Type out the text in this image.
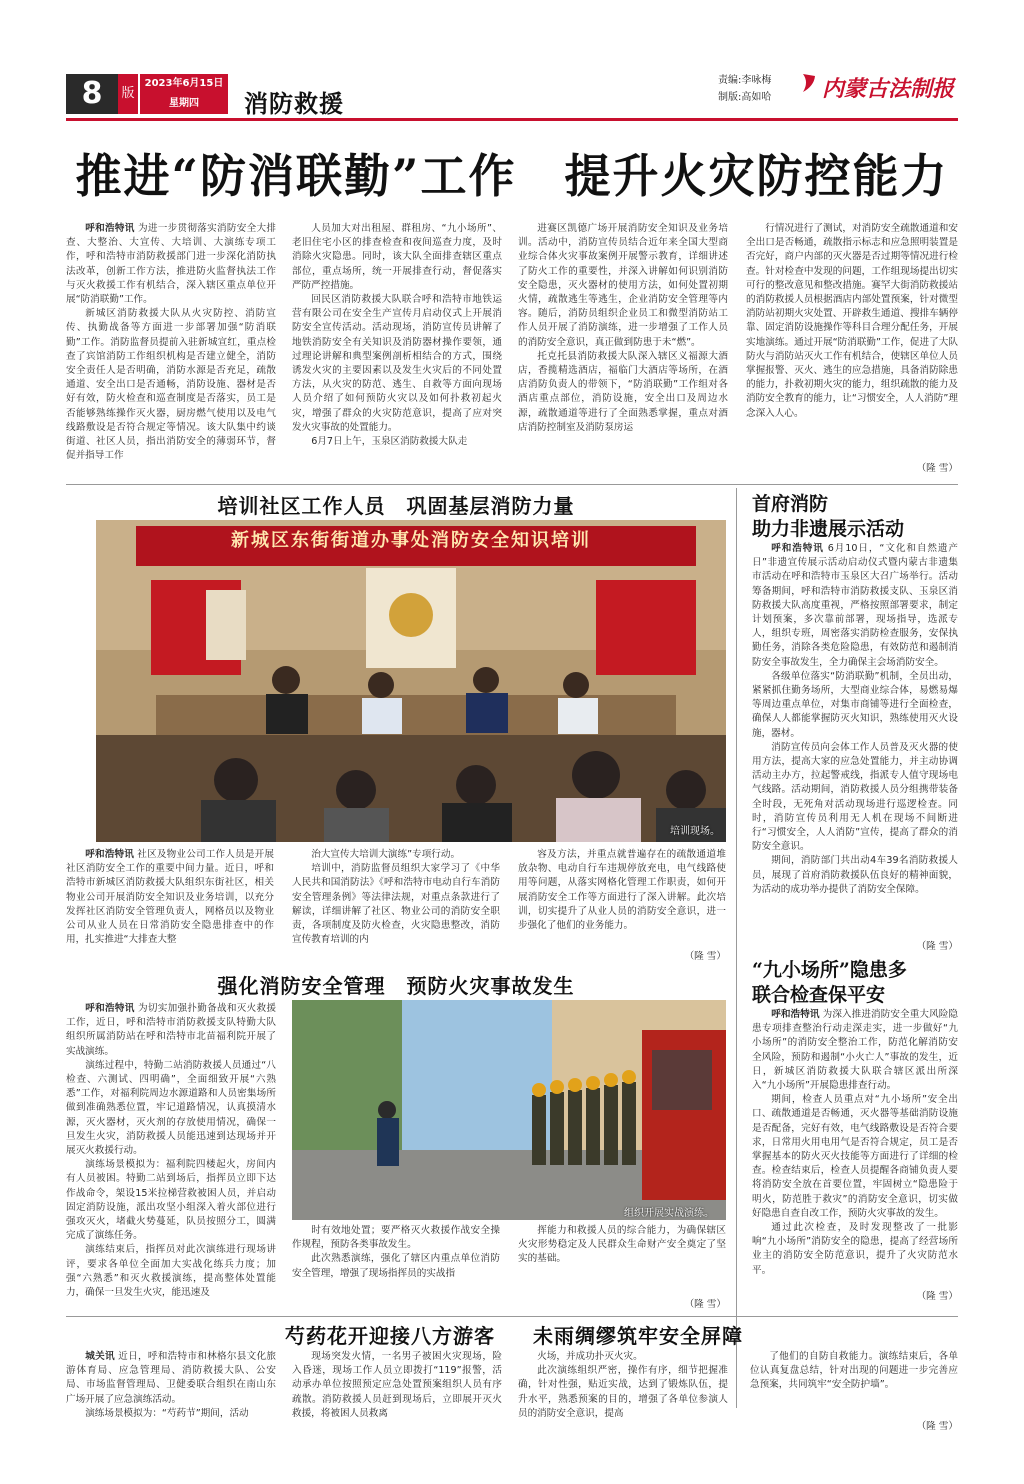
8	版
2023年6月15日
星期四	消防救援
责编:李咏梅
制版:高如哈 内蒙古法制报
推进“防消联勤”工作　提升火灾防控能力

呼和浩特讯 为进一步贯彻落实消防安全大排查、大整治、大宣传、大培训、大演练专项工作，呼和浩特市消防救援部门进一步深化消防执法改革，创新工作方法，推进防火监督执法工作与灭火救援工作有机结合，深入辖区重点单位开展“防消联勤”工作。

新城区消防救援大队从火灾防控、消防宣传、执勤战备等方面进一步部署加强“防消联勤”工作。消防监督员提前入驻新城宣红，重点检查了宾馆消防工作组织机构是否建立健全，消防安全责任人是否明确，消防水源是否充足，疏散通道、安全出口是否通畅，消防设施、器材是否好有效，防火检查和巡查制度是否落实，员工是否能够熟练操作灭火器，厨房燃气使用以及电气线路敷设是否符合规定等情况。该大队集中约谈街道、社区人员，指出消防安全的薄弱环节，督促并指导工作

人员加大对出租屋、群租房、“九小场所”、老旧住宅小区的排查检查和夜间巡查力度，及时消除火灾隐患。同时，该大队全面排查辖区重点部位，重点场所，统一开展排查行动，督促落实严防严控措施。

回民区消防救援大队联合呼和浩特市地铁运营有限公司在安全生产宣传月启动仪式上开展消防安全宣传活动。活动现场，消防宣传员讲解了地铁消防安全有关知识及消防器材操作要领，通过理论讲解和典型案例剖析相结合的方式，围绕诱发火灾的主要因素以及发生火灾后的不同处置方法，从火灾的防范、逃生、自救等方面向现场人员介绍了如何预防火灾以及如何扑救初起火灾，增强了群众的火灾防范意识，提高了应对突发火灾事故的处置能力。

6月7日上午，玉泉区消防救援大队走

进赛区凯德广场开展消防安全知识及业务培训。活动中，消防宣传员结合近年来全国大型商业综合体火灾事故案例开展警示教育，详细讲述了防火工作的重要性，并深入讲解如何识别消防安全隐患，灭火器材的使用方法，如何处置初期火情，疏散逃生等逃生，企业消防安全管理等内容。随后，消防员组织企业员工和微型消防站工作人员开展了消防演练，进一步增强了工作人员的消防安全意识，真正做到防患于未“燃”。

托克托县消防救援大队深入辖区义福源大酒店，香揽精选酒店，福临门大酒店等场所，在酒店消防负责人的带领下，“防消联勤”工作组对各酒店重点部位，消防设施，安全出口及周边水源，疏散通道等进行了全面熟悉掌握，重点对酒店消防控制室及消防泵房运

行情况进行了测试，对消防安全疏散通道和安全出口是否畅通，疏散指示标志和应急照明装置是否完好，商户内部的灭火器是否过期等情况进行检查。针对检查中发现的问题，工作组现场提出切实可行的整改意见和整改措施。赛罕大街消防救援站的消防救援人员根据酒店内部处置预案，针对微型消防站初期火灾处置、开辟救生通道、搜排车辆停靠、固定消防设施操作等科目合理分配任务，开展实地演练。通过开展“防消联勤”工作，促进了大队防火与消防站灭火工作有机结合，使辖区单位人员掌握报警、灭火、逃生的应急措施，具备消防除患的能力，扑救初期火灾的能力，组织疏散的能力及消防安全教育的能力，让“习惯安全，人人消防”理念深入人心。

（隆 雪）
培训社区工作人员　巩固基层消防力量
新城区东街街道办事处消防安全知识培训
培训现场。

呼和浩特讯 社区及物业公司工作人员是开展社区消防安全工作的重要中间力量。近日，呼和浩特市新城区消防救援大队组织东街社区，相关物业公司开展消防安全知识及业务培训，以充分发挥社区消防安全管理负责人，网格员以及物业公司从业人员在日常消防安全隐患排查中的作用，扎实推进“大排查大整

治大宣传大培训大演练”专项行动。

培训中，消防监督员组织大家学习了《中华人民共和国消防法》《呼和浩特市电动自行车消防安全管理条例》等法律法规，对重点条款进行了解读，详细讲解了社区、物业公司的消防安全职责，各项制度及防火检查，火灾隐患整改，消防宣传教育培训的内

容及方法，并重点就普遍存在的疏散通道堆放杂物、电动自行车违规停放充电，电气线路使用等问题，从落实网格化管理工作职责，如何开展消防安全工作等方面进行了深入讲解。此次培训，切实提升了从业人员的消防安全意识，进一步强化了他们的业务能力。

（隆 雪）
强化消防安全管理　预防火灾事故发生

呼和浩特讯 为切实加强扑勤备战和灭火救援工作，近日，呼和浩特市消防救援支队特勤大队组织所属消防站在呼和浩特市北苗福利院开展了实战演练。

演练过程中，特勤二站消防救援人员通过“八检查、六测试、四明确”，全面细致开展“六熟悉”工作，对福利院周边水源道路和人员密集场所做到准确熟悉位置，牢记道路情况，认真摸清水源，灭火器材，灭火剂的存放使用情况，确保一旦发生火灾，消防救援人员能迅速到达现场并开展灭火救援行动。

演练场景模拟为：福利院四楼起火，房间内有人员被困。特勤二站到场后，指挥员立即下达作战命令，架设15米拉梯营救被困人员，并启动固定消防设施，派出攻坚小组深入着火部位进行强攻灭火，堵截火势蔓延，队员按照分工，圆满完成了演练任务。

演练结束后，指挥员对此次演练进行现场讲评，要求各单位全面加大实战化练兵力度；加强“六熟悉”和灭火救援演练，提高整体处置能力，确保一旦发生火灾，能迅速及

组织开展实战演练。

时有效地处置；要严格灭火救援作战安全操作规程，预防各类事故发生。

此次熟悉演练，强化了辖区内重点单位消防安全管理，增强了现场指挥员的实战指

挥能力和救援人员的综合能力，为确保辖区火灾形势稳定及人民群众生命财产安全奠定了坚实的基础。

（隆 雪）
首府消防
助力非遗展示活动

呼和浩特讯 6月10日，“文化和自然遗产日”非遗宣传展示活动启动仪式暨内蒙古非遗集市活动在呼和浩特市玉泉区大召广场举行。活动筹备期间，呼和浩特市消防救援支队、玉泉区消防救援大队高度重视，严格按照部署要求，制定计划预案，多次靠前部署，现场指导，选派专人，组织专班，周密落实消防检查服务，安保执勤任务，消除各类危险隐患，有效防范和遏制消防安全事故发生，全力确保主会场消防安全。

各级单位落实“防消联勤”机制，全员出动，紧紧抓住勤务场所，大型商业综合体，易燃易爆等周边重点单位，对集市商铺等进行全面检查，确保人人都能掌握防灭火知识，熟练使用灭火设施，器材。

消防宣传员向会体工作人员普及灭火器的使用方法，提高大家的应急处置能力，并主动协调活动主办方，拉起警戒线，指派专人值守现场电气线路。活动期间，消防救援人员分组携带装备全时段，无死角对活动现场进行巡逻检查。同时，消防宣传员利用无人机在现场不间断进行“习惯安全，人人消防”宣传，提高了群众的消防安全意识。

期间，消防部门共出动4车39名消防救援人员，展现了首府消防救援队伍良好的精神面貌，为活动的成功举办提供了消防安全保障。

（隆 雪）
“九小场所”隐患多
联合检查保平安

呼和浩特讯 为深入推进消防安全重大风险隐患专项排查整治行动走深走实，进一步做好“九小场所”的消防安全整治工作，防范化解消防安全风险，预防和遏制“小火亡人”事故的发生，近日，新城区消防救援大队联合辖区派出所深入“九小场所”开展隐患排查行动。

期间，检查人员重点对“九小场所”安全出口、疏散通道是否畅通，灭火器等基础消防设施是否配备，完好有效，电气线路敷设是否符合要求，日常用火用电用气是否符合规定，员工是否掌握基本的防火灭火技能等方面进行了详细的检查。检查结束后，检查人员提醒各商铺负责人要将消防安全放在首要位置，牢固树立“隐患险于明火，防范胜于救灾”的消防安全意识，切实做好隐患自查自改工作，预防火灾事故的发生。

通过此次检查，及时发现整改了一批影响“九小场所”消防安全的隐患，提高了经营场所业主的消防安全防范意识，提升了火灾防范水平。

（隆 雪）
芍药花开迎接八方游客	未雨绸缪筑牢安全屏障

城关讯 近日，呼和浩特市和林格尔县文化旅游体育局、应急管理局、消防救援大队、公安局、市场监督管理局、卫健委联合组织在南山东广场开展了应急演练活动。

演练场景模拟为：“芍药节”期间，活动

现场突发火情，一名男子被困火灾现场，险入昏迷，现场工作人员立即拨打“119”报警，活动承办单位按照预定应急处置预案组织人员有序疏散。消防救援人员赶到现场后，立即展开灭火救援，将被困人员救离

火场，并成功扑灭火灾。

此次演练组织严密，操作有序，细节把握准确，针对性强，贴近实战，达到了锻炼队伍，提升水平，熟悉预案的目的，增强了各单位参演人员的消防安全意识，提高

了他们的自防自救能力。演练结束后，各单位认真复盘总结，针对出现的问题进一步完善应急预案，共同筑牢“安全防护墙”。

（隆 雪）
